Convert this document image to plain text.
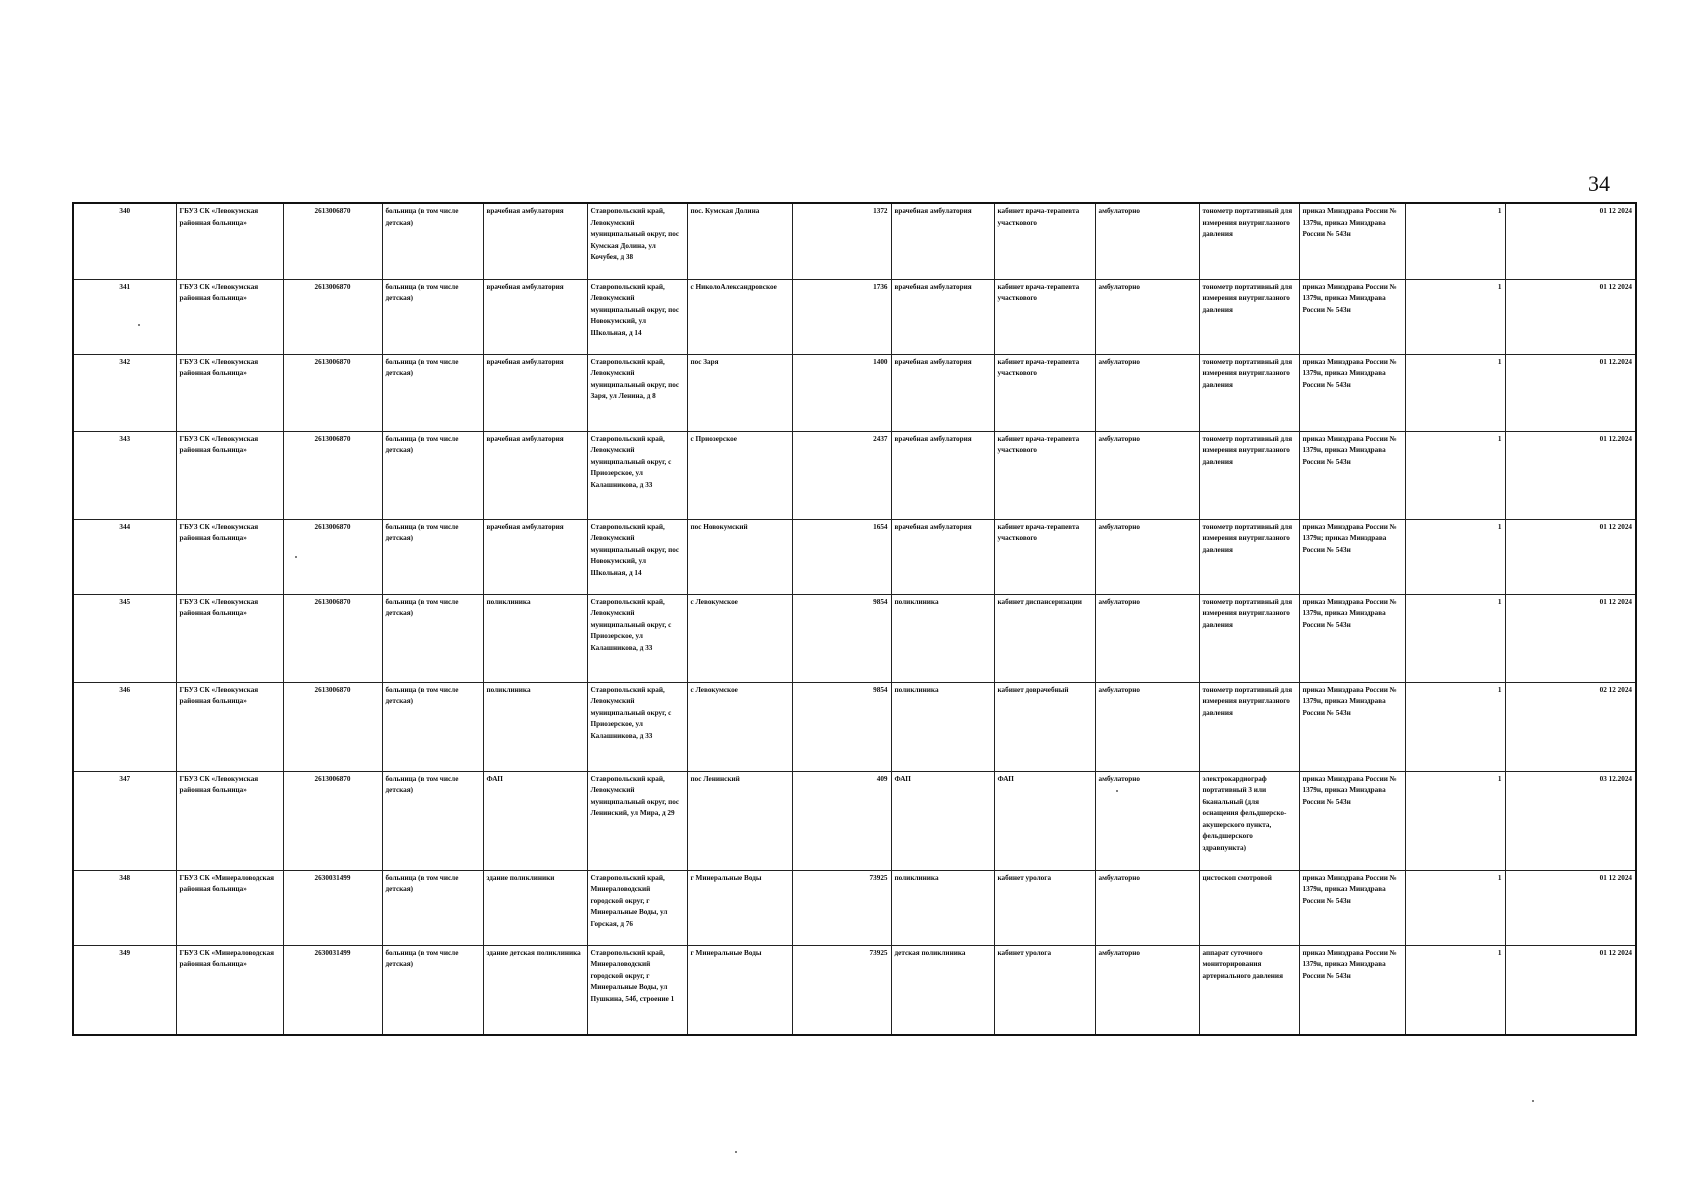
34
340	ГБУЗ СК «Левокумская районная больница»	2613006870	больница (в том числе детская)	врачебная амбулатория	Ставропольский край, Левокумский муниципальный округ, пос Кумская Долина, ул Кочубея, д 38	пос. Кумская Долина	1372	врачебная амбулатория	кабинет врача-терапевта участкового	амбулаторно	тонометр портативный для измерения внутриглазного давления	приказ Минздрава России № 1379н, приказ Минздрава России № 543н	1	01 12 2024
341	ГБУЗ СК «Левокумская районная больница»	2613006870	больница (в том числе детская)	врачебная амбулатория	Ставропольский край, Левокумский муниципальный округ, пос Новокумский, ул Школьная, д 14	с НиколоАлександровское	1736	врачебная амбулатория	кабинет врача-терапевта участкового	амбулаторно	тонометр портативный для измерения внутриглазного давления	приказ Минздрава России № 1379н, приказ Минздрава России № 543н	1	01 12 2024
342	ГБУЗ СК «Левокумская районная больница»	2613006870	больница (в том числе детская)	врачебная амбулатория	Ставропольский край, Левокумский муниципальный округ, пос Заря, ул Ленина, д 8	пос Заря	1400	врачебная амбулатория	кабинет врача-терапевта участкового	амбулаторно	тонометр портативный для измерения внутриглазного давления	приказ Минздрава России № 1379н, приказ Минздрава России № 543н	1	01 12.2024
343	ГБУЗ СК «Левокумская районная больница»	2613006870	больница (в том числе детская)	врачебная амбулатория	Ставропольский край, Левокумский муниципальный округ, с Приозерское, ул Калашникова, д 33	с Приозерское	2437	врачебная амбулатория	кабинет врача-терапевта участкового	амбулаторно	тонометр портативный для измерения внутриглазного давления	приказ Минздрава России № 1379н, приказ Минздрава России № 543н	1	01 12.2024
344	ГБУЗ СК «Левокумская районная больница»	2613006870	больница (в том числе детская)	врачебная амбулатория	Ставропольский край, Левокумский муниципальный округ, пос Новокумский, ул Школьная, д 14	пос Новокумский	1654	врачебная амбулатория	кабинет врача-терапевта участкового	амбулаторно	тонометр портативный для измерения внутриглазного давления	приказ Минздрава России № 1379н; приказ Минздрава России № 543н	1	01 12 2024
345	ГБУЗ СК «Левокумская районная больница»	2613006870	больница (в том числе детская)	поликлиника	Ставропольский край, Левокумский муниципальный округ, с Приозерское, ул Калашникова, д 33	с Левокумское	9854	поликлиника	кабинет диспансеризации	амбулаторно	тонометр портативный для измерения внутриглазного давления	приказ Минздрава России № 1379н, приказ Минздрава России № 543н	1	01 12 2024
346	ГБУЗ СК «Левокумская районная больница»	2613006870	больница (в том числе детская)	поликлиника	Ставропольский край, Левокумский муниципальный округ, с Приозерское, ул Калашникова, д 33	с Левокумское	9854	поликлиника	кабинет доврачебный	амбулаторно	тонометр портативный для измерения внутриглазного давления	приказ Минздрава России № 1379н, приказ Минздрава России № 543н	1	02 12 2024
347	ГБУЗ СК «Левокумская районная больница»	2613006870	больница (в том числе детская)	ФАП	Ставропольский край, Левокумский муниципальный округ, пос Ленинский, ул Мира, д 29	пос Ленинский	409	ФАП	ФАП	амбулаторно	электрокардиограф портативный 3 или 6канальный (для оснащения фельдшерско-акушерского пункта, фельдшерского здравпункта)	приказ Минздрава России № 1379н, приказ Минздрава России № 543н	1	03 12.2024
348	ГБУЗ СК «Минераловодская районная больница»	2630031499	больница (в том числе детская)	здание поликлиники	Ставропольский край, Минераловодский городской округ, г Минеральные Воды, ул Горская, д 76	г Минеральные Воды	73925	поликлиника	кабинет уролога	амбулаторно	цистоскоп смотровой	приказ Минздрава России № 1379н, приказ Минздрава России № 543н	1	01 12 2024
349	ГБУЗ СК «Минераловодская районная больница»	2630031499	больница (в том числе детская)	здание детская поликлиника	Ставропольский край, Минераловодский городской округ, г Минеральные Воды, ул Пушкина, 54б, строение 1	г Минеральные Воды	73925	детская поликлиника	кабинет уролога	амбулаторно	аппарат суточного мониторирования артериального давления	приказ Минздрава России № 1379н, приказ Минздрава России № 543н	1	01 12 2024
